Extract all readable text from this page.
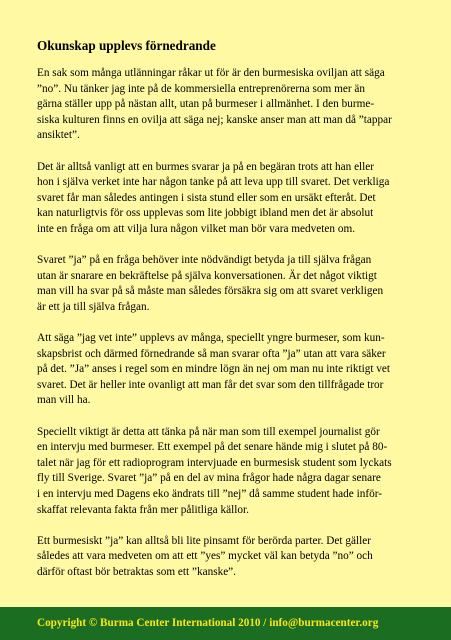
Okunskap upplevs förnedrande
En sak som många utlänningar råkar ut för är den burmesiska oviljan att säga
”no”. Nu tänker jag inte på de kommersiella entreprenörerna som mer än
gärna ställer upp på nästan allt, utan på burmeser i allmänhet. I den burme-
siska kulturen finns en ovilja att säga nej; kanske anser man att man då ”tappar
ansiktet”.
Det är alltså vanligt att en burmes svarar ja på en begäran trots att han eller
hon i själva verket inte har någon tanke på att leva upp till svaret. Det verkliga
svaret får man således antingen i sista stund eller som en ursäkt efteråt. Det
kan naturligtvis för oss upplevas som lite jobbigt ibland men det är absolut
inte en fråga om att vilja lura någon vilket man bör vara medveten om.
Svaret ”ja” på en fråga behöver inte nödvändigt betyda ja till själva frågan
utan är snarare en bekräftelse på själva konversationen. Är det något viktigt
man vill ha svar på så måste man således försäkra sig om att svaret verkligen
är ett ja till själva frågan.
Att säga ”jag vet inte” upplevs av många, speciellt yngre burmeser, som kun-
skapsbrist och därmed förnedrande så man svarar ofta ”ja” utan att vara säker
på det. ”Ja” anses i regel som en mindre lögn än nej om man nu inte riktigt vet
svaret. Det är heller inte ovanligt att man får det svar som den tillfrågade tror
man vill ha.
Speciellt viktigt är detta att tänka på när man som till exempel journalist gör
en intervju med burmeser. Ett exempel på det senare hände mig i slutet på 80-
talet när jag för ett radioprogram intervjuade en burmesisk student som lyckats
fly till Sverige. Svaret ”ja” på en del av mina frågor hade några dagar senare
i en intervju med Dagens eko ändrats till ”nej” då samme student hade inför-
skaffat relevanta fakta från mer pålitliga källor.
Ett burmesiskt ”ja” kan alltså bli lite pinsamt för berörda parter. Det gäller
således att vara medveten om att ett ”yes” mycket väl kan betyda ”no” och
därför oftast bör betraktas som ett ”kanske”.
Copyright © Burma Center International 2010 / info@burmacenter.org
